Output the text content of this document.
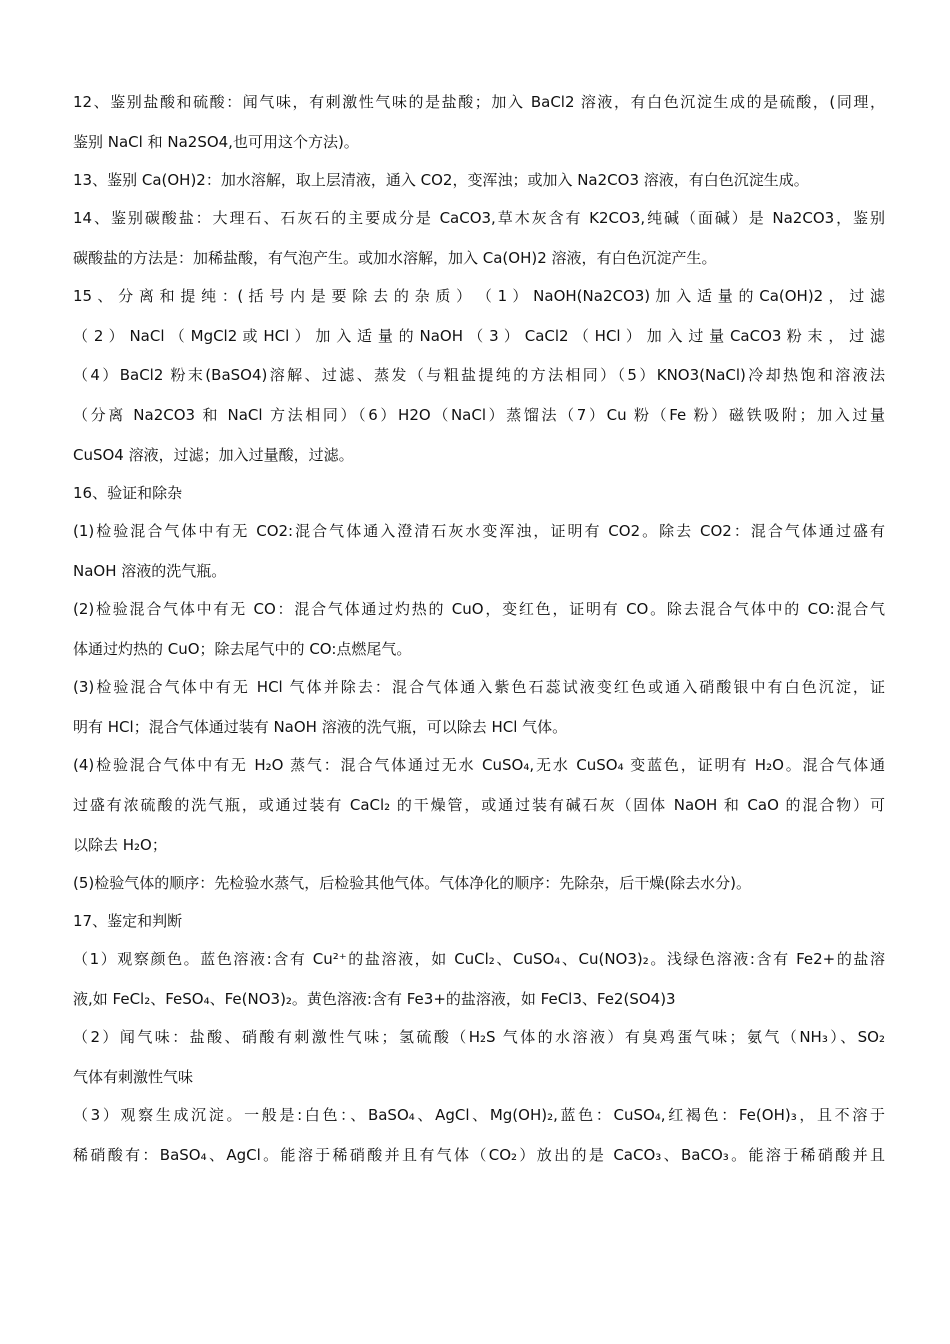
12、鉴别盐酸和硫酸：闻气味，有刺激性气味的是盐酸；加入 BaCl2 溶液，有白色沉淀生成的是硫酸，(同理，

鉴别 NaCl 和 Na2SO4,也可用这个方法)。

13、鉴别 Ca(OH)2：加水溶解，取上层清液，通入 CO2，变浑浊；或加入 Na2CO3 溶液，有白色沉淀生成。

14、鉴别碳酸盐：大理石、石灰石的主要成分是 CaCO3,草木灰含有 K2CO3,纯碱（面碱）是 Na2CO3，鉴别

碳酸盐的方法是：加稀盐酸，有气泡产生。或加水溶解，加入 Ca(OH)2 溶液，有白色沉淀产生。

15 、 分 离 和 提 纯 ：( 括 号 内 是 要 除 去 的 杂 质 ） （ 1 ） NaOH(Na2CO3) 加 入 适 量 的 Ca(OH)2 ， 过 滤

（ 2 ） NaCl （ MgCl2 或 HCl ） 加 入 适 量 的 NaOH （ 3 ） CaCl2 （ HCl ） 加 入 过 量 CaCO3 粉 末 ， 过 滤

（4）BaCl2 粉末(BaSO4)溶解、过滤、蒸发（与粗盐提纯的方法相同）（5）KNO3(NaCl)冷却热饱和溶液法

（分离 Na2CO3 和 NaCl 方法相同）（6）H2O（NaCl）蒸馏法（7）Cu 粉（Fe 粉）磁铁吸附；加入过量

CuSO4 溶液，过滤；加入过量酸，过滤。

16、验证和除杂

(1)检验混合气体中有无 CO2:混合气体通入澄清石灰水变浑浊，证明有 CO2。除去 CO2：混合气体通过盛有

NaOH 溶液的洗气瓶。

(2)检验混合气体中有无 CO：混合气体通过灼热的 CuO，变红色，证明有 CO。除去混合气体中的 CO:混合气

体通过灼热的 CuO；除去尾气中的 CO:点燃尾气。

(3)检验混合气体中有无 HCl 气体并除去：混合气体通入紫色石蕊试液变红色或通入硝酸银中有白色沉淀，证

明有 HCl；混合气体通过装有 NaOH 溶液的洗气瓶，可以除去 HCl 气体。

(4)检验混合气体中有无 H₂O 蒸气：混合气体通过无水 CuSO₄,无水 CuSO₄ 变蓝色，证明有 H₂O。混合气体通

过盛有浓硫酸的洗气瓶，或通过装有 CaCl₂ 的干燥管，或通过装有碱石灰（固体 NaOH 和 CaO 的混合物）可

以除去 H₂O；

(5)检验气体的顺序：先检验水蒸气，后检验其他气体。气体净化的顺序：先除杂，后干燥(除去水分)。

17、鉴定和判断

（1）观察颜色。蓝色溶液:含有 Cu²⁺的盐溶液，如 CuCl₂、CuSO₄、Cu(NO3)₂。浅绿色溶液:含有 Fe2+的盐溶

液,如 FeCl₂、FeSO₄、Fe(NO3)₂。黄色溶液:含有 Fe3+的盐溶液，如 FeCl3、Fe2(SO4)3

（2）闻气味：盐酸、硝酸有刺激性气味；氢硫酸（H₂S 气体的水溶液）有臭鸡蛋气味；氨气（NH₃）、SO₂

气体有刺激性气味

（3）观察生成沉淀。一般是:白色：、BaSO₄、AgCl、Mg(OH)₂,蓝色：CuSO₄,红褐色：Fe(OH)₃，且不溶于

稀硝酸有：BaSO₄、AgCl。能溶于稀硝酸并且有气体（CO₂）放出的是 CaCO₃、BaCO₃。能溶于稀硝酸并且
